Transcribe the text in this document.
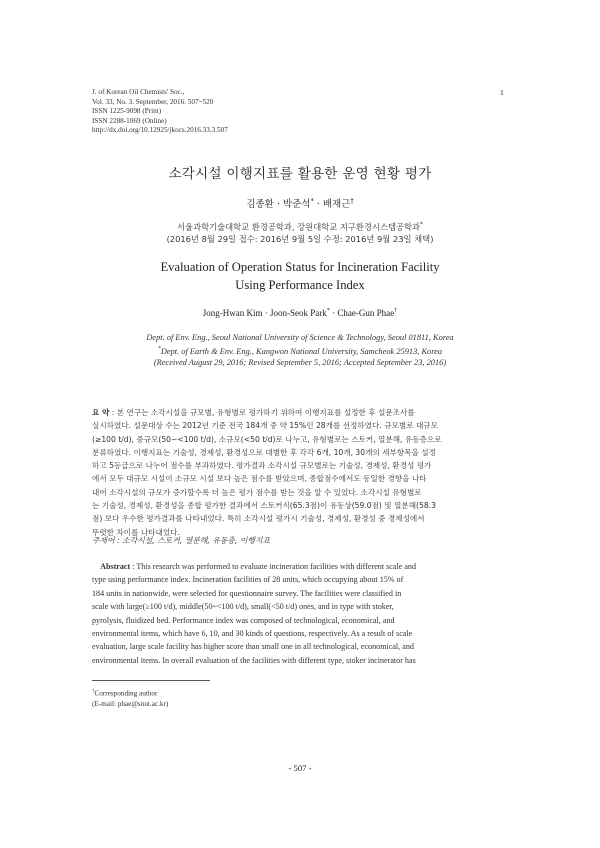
J. of Korean Oil Chemists' Soc.,
Vol. 33, No. 3. September, 2016. 507~520
ISSN 1225-9098 (Print)
ISSN 2288-1069 (Online)
http://dx.doi.org/10.12925/jkocs.2016.33.3.507
1
소각시설 이행지표를 활용한 운영 현황 평가
김종환 · 박준석* · 배재근†
서울과학기술대학교 환경공학과, 강원대학교 지구환경시스템공학과*
(2016년 8월 29일 접수: 2016년 9월 5일 수정: 2016년 9월 23일 채택)
Evaluation of Operation Status for Incineration Facility
Using Performance Index
Jong-Hwan Kim · Joon-Seok Park* · Chae-Gun Phae†
Dept. of Env. Eng., Seoul National University of Science & Technology, Seoul 01811, Korea
*Dept. of Earth & Env. Eng., Kangwon National University, Samcheok 25913, Korea
(Received August 29, 2016; Revised September 5, 2016; Accepted September 23, 2016)
요 약 : 본 연구는 소각시설을 규모별, 유형별로 평가하기 위하여 이행지표를 설정한 후 설문조사를
실시하였다. 설문대상 수는 2012년 기준 전국 184개 중 약 15%인 28개를 선정하였다. 규모별로 대규모
(≥100 t/d), 중규모(50~<100 t/d), 소규모(<50 t/d)로 나누고, 유형별로는 스토커, 열분해, 유동층으로
분류하였다. 이행지표는 기술성, 경제성, 환경성으로 대별한 후 각각 6개, 10개, 30개의 세부항목을 설정
하고 5등급으로 나누어 점수를 부과하였다. 평가결과 소각시설 규모별로는 기술성, 경제성, 환경성 평가
에서 모두 대규모 시설이 소규모 시설 보다 높은 점수를 받았으며, 종합점수에서도 동일한 경향을 나타
내어 소각시설의 규모가 증가할수록 더 높은 평가 점수를 받는 것을 알 수 있었다. 소각시설 유형별로
는 기술성, 경제성, 환경성을 종합 평가한 결과에서 스토커식(65.3점)이 유동상(59.0점) 및 열분해(58.3
점) 보다 우수한 평가결과를 나타내었다. 특히 소각시설 평가시 기술성, 경제성, 환경성 중 경제성에서
뚜렷한 차이를 나타내었다.
주제어 : 소각시설, 스토커, 열분해, 유동층, 이행지표
Abstract : This research was performed to evaluate incineration facilities with different scale and
type using performance index. Incineration facilities of 28 units, which occupying about 15% of
184 units in nationwide, were selected for questionnaire survey. The facilities were classified in
scale with large(≥100 t/d), middle(50~<100 t/d), small(<50 t/d) ones, and in type with stoker,
pyrolysis, fluidized bed. Performance index was composed of technological, economical, and
environmental items, which have 6, 10, and 30 kinds of questions, respectively. As a result of scale
evaluation, large scale facility has higher score than small one in all technological, economical, and
environmental items. In overall evaluation of the facilities with different type, stoker incinerator has
†Corresponding author
(E-mail: phae@snut.ac.kr)
- 507 -
